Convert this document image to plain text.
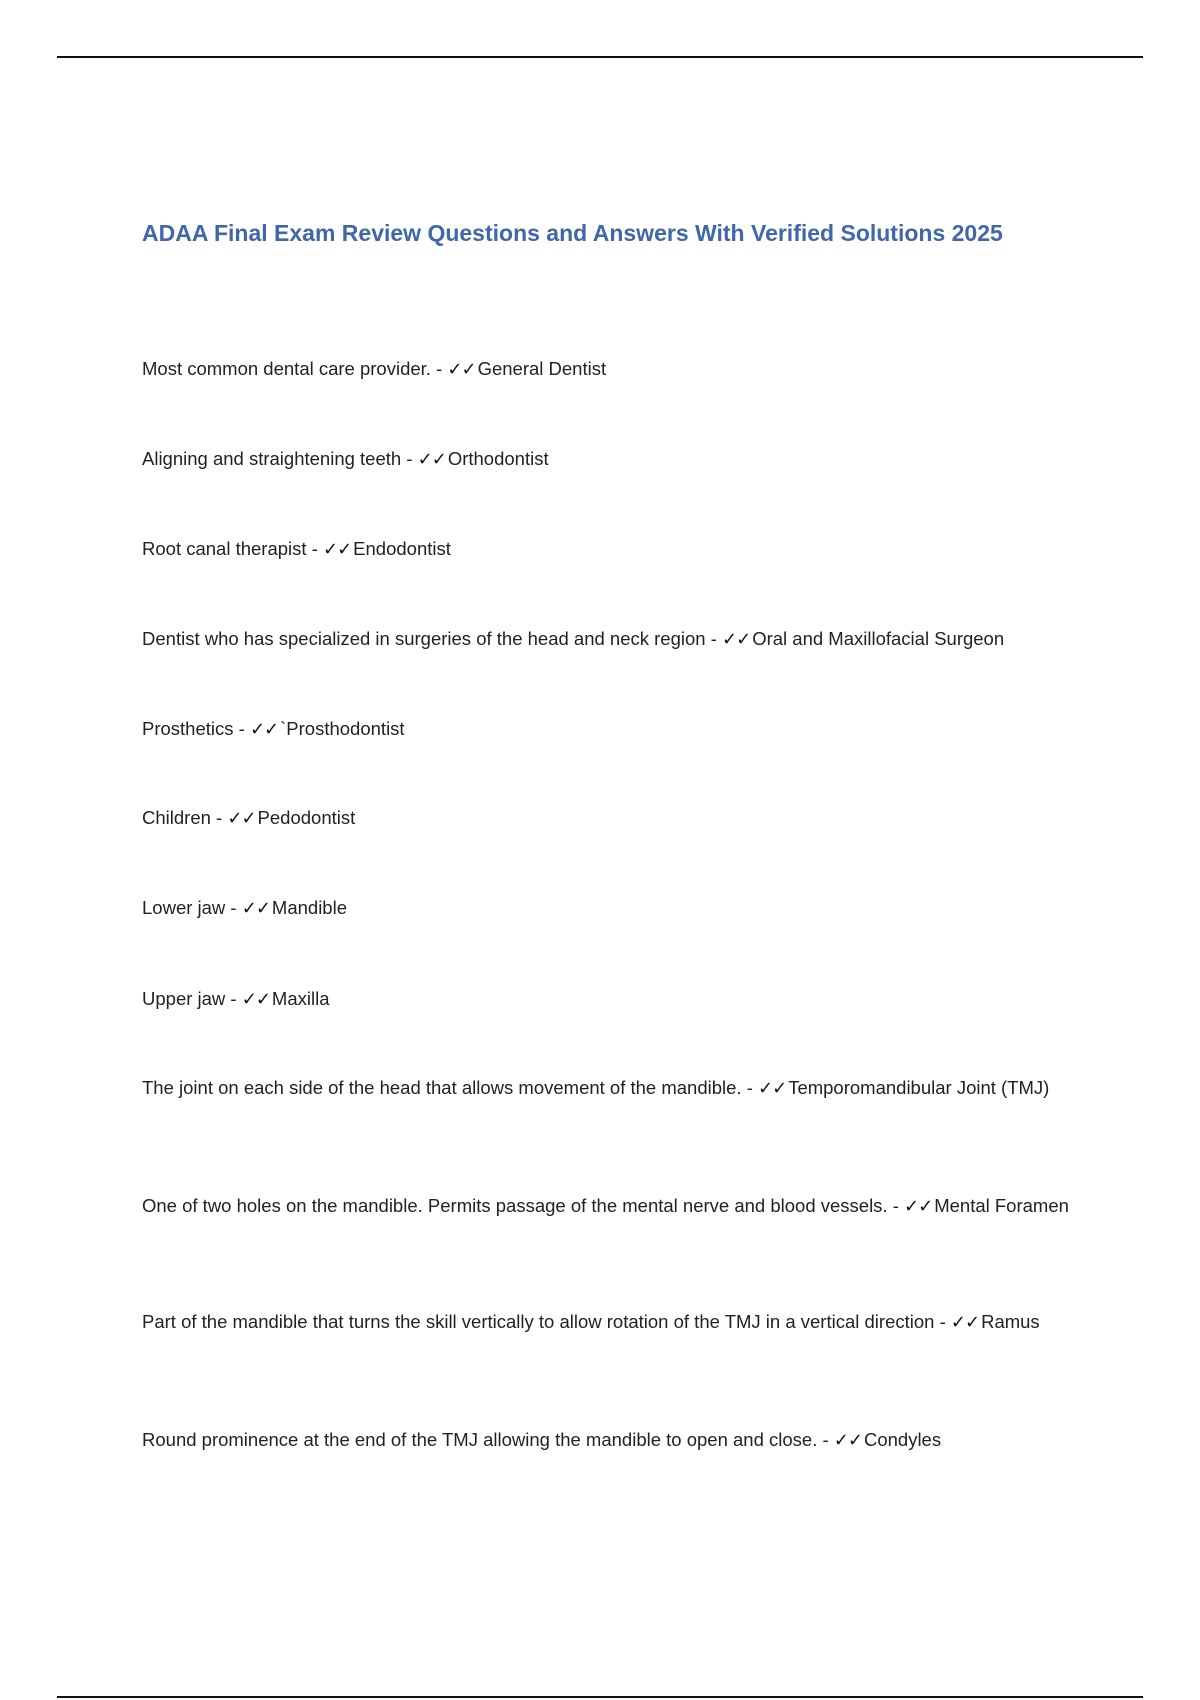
ADAA Final Exam Review Questions and Answers With Verified Solutions 2025

Most common dental care provider. - ✓✓ General Dentist

Aligning and straightening teeth - ✓✓ Orthodontist

Root canal therapist - ✓✓ Endodontist

Dentist who has specialized in surgeries of the head and neck region - ✓✓ Oral and Maxillofacial Surgeon

Prosthetics - ✓✓ `Prosthodontist

Children - ✓✓ Pedodontist

Lower jaw - ✓✓ Mandible

Upper jaw - ✓✓ Maxilla

The joint on each side of the head that allows movement of the mandible. - ✓✓ Temporomandibular Joint (TMJ)

One of two holes on the mandible. Permits passage of the mental nerve and blood vessels. - ✓✓ Mental Foramen

Part of the mandible that turns the skill vertically to allow rotation of the TMJ in a vertical direction - ✓✓ Ramus

Round prominence at the end of the TMJ allowing the mandible to open and close. - ✓✓ Condyles
